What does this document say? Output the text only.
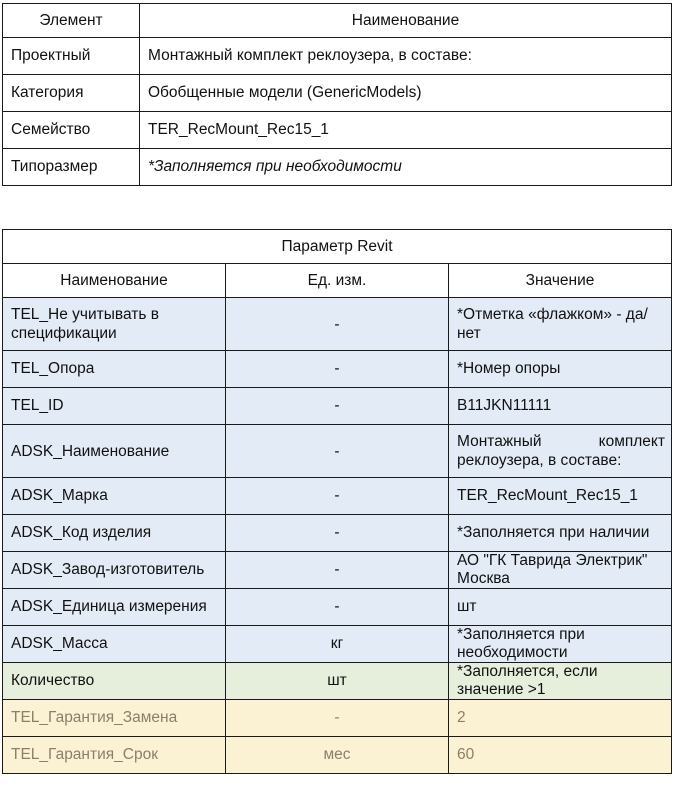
Элемент	Наименование
Проектный	Монтажный комплект реклоузера, в составе:
Категория	Обобщенные модели (GenericModels)
Семейство	TER_RecMount_Rec15_1
Типоразмер	*Заполняется при необходимости
Параметр Revit		
Наименование	Ед. изм.	Значение
TEL_Не учитывать в спецификации	-	*Отметка «флажком» - да/нет
TEL_Опора	-	*Номер опоры
TEL_ID	-	B11JKN11111
ADSK_Наименование	-	Монтажный комплект реклоузера, в составе:
ADSK_Марка	-	TER_RecMount_Rec15_1
ADSK_Код изделия	-	*Заполняется при наличии
ADSK_Завод-изготовитель	-	АО "ГК Таврида Электрик" Москва
ADSK_Единица измерения	-	шт
ADSK_Масса	кг	*Заполняется при необходимости
Количество	шт	*Заполняется, если значение >1
TEL_Гарантия_Замена	-	2
TEL_Гарантия_Срок	мес	60
